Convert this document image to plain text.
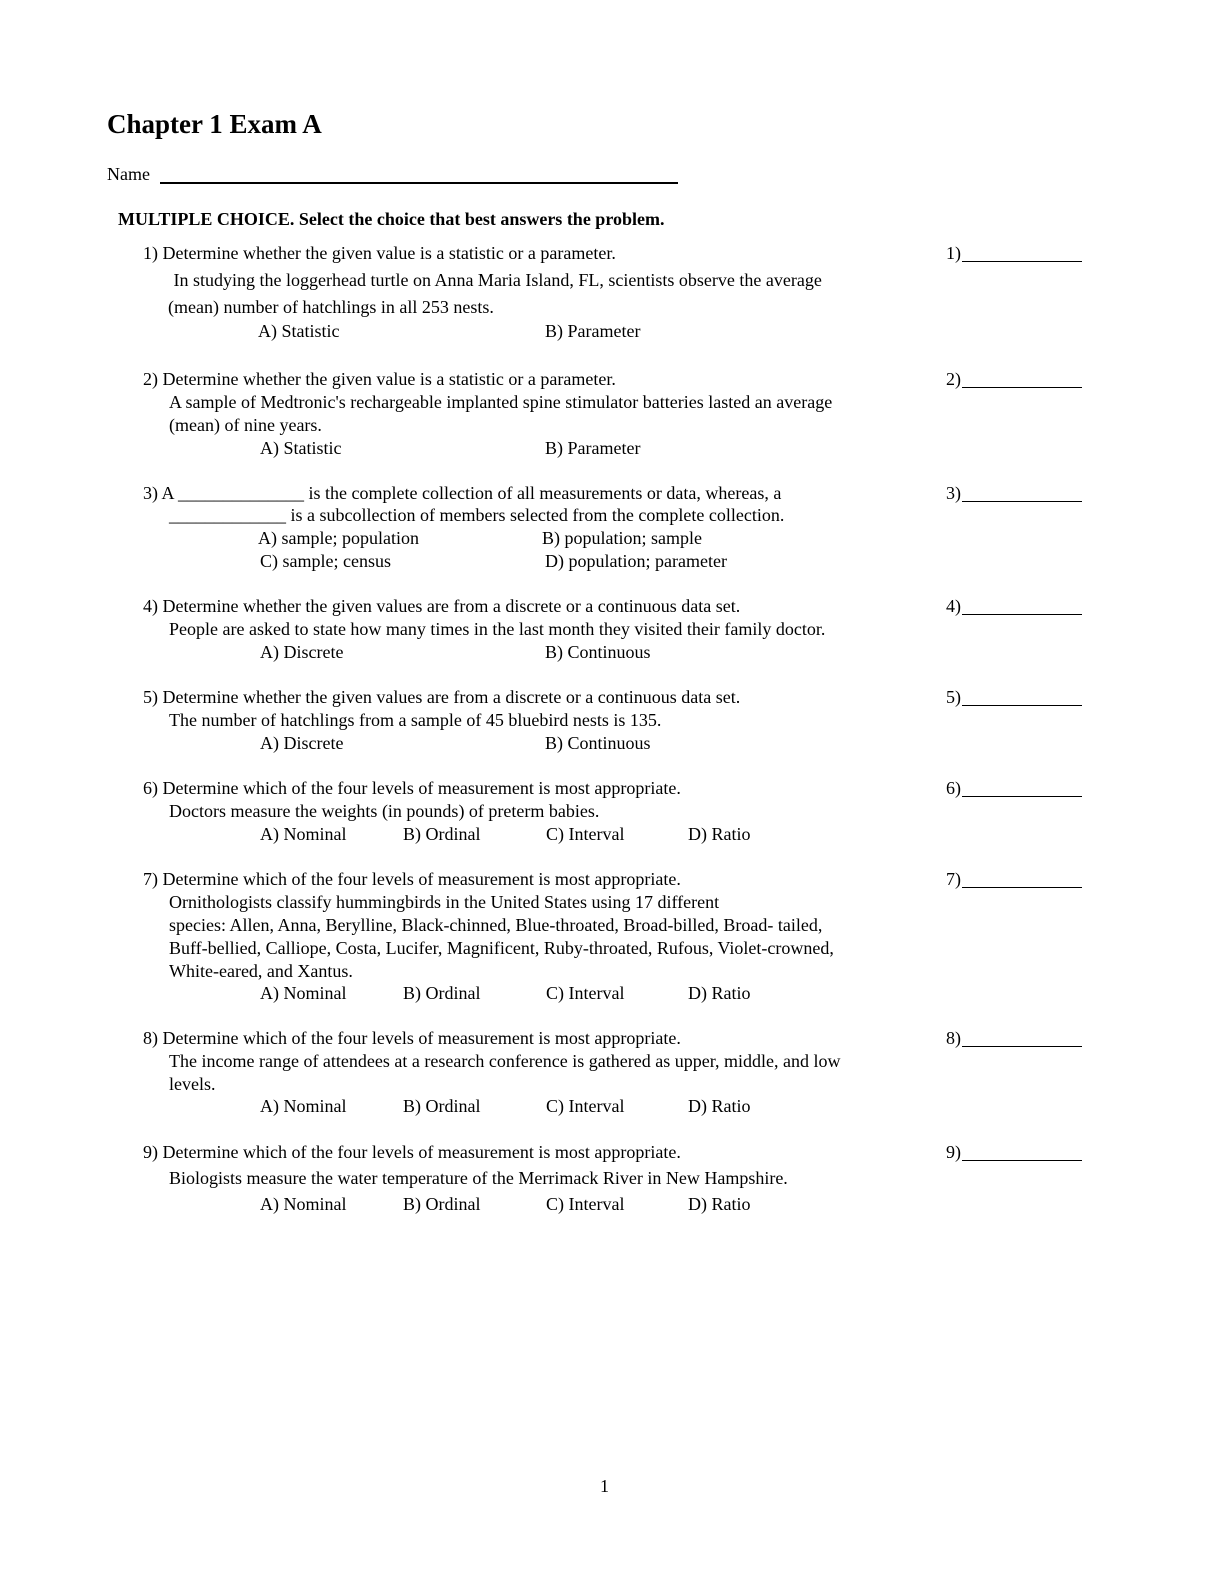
Chapter 1 Exam A
Name
MULTIPLE CHOICE. Select the choice that best answers the problem.
1) Determine whether the given value is a statistic or a parameter.
In studying the loggerhead turtle on Anna Maria Island, FL, scientists observe the average
(mean) number of hatchlings in all 253 nests.
A) Statistic	B) Parameter
1)
2) Determine whether the given value is a statistic or a parameter.
A sample of Medtronic's rechargeable implanted spine stimulator batteries lasted an average
(mean) of nine years.
A) Statistic	B) Parameter
2)
3) A ______________ is the complete collection of all measurements or data, whereas, a
_____________ is a subcollection of members selected from the complete collection.
A) sample; population	B) population; sample
C) sample; census	D) population; parameter
3)
4) Determine whether the given values are from a discrete or a continuous data set.
People are asked to state how many times in the last month they visited their family doctor.
A) Discrete	B) Continuous
4)
5) Determine whether the given values are from a discrete or a continuous data set.
The number of hatchlings from a sample of 45 bluebird nests is 135.
A) Discrete	B) Continuous
5)
6) Determine which of the four levels of measurement is most appropriate.
Doctors measure the weights (in pounds) of preterm babies.
A) Nominal	B) Ordinal	C) Interval	D) Ratio
6)
7) Determine which of the four levels of measurement is most appropriate.
Ornithologists classify hummingbirds in the United States using 17 different
species: Allen, Anna, Berylline, Black-chinned, Blue-throated, Broad-billed, Broad- tailed,
Buff-bellied, Calliope, Costa, Lucifer, Magnificent, Ruby-throated, Rufous, Violet-crowned,
White-eared, and Xantus.
A) Nominal	B) Ordinal	C) Interval	D) Ratio
7)
8) Determine which of the four levels of measurement is most appropriate.
The income range of attendees at a research conference is gathered as upper, middle, and low
levels.
A) Nominal	B) Ordinal	C) Interval	D) Ratio
8)
9) Determine which of the four levels of measurement is most appropriate.
Biologists measure the water temperature of the Merrimack River in New Hampshire.
A) Nominal	B) Ordinal	C) Interval	D) Ratio
9)
1
